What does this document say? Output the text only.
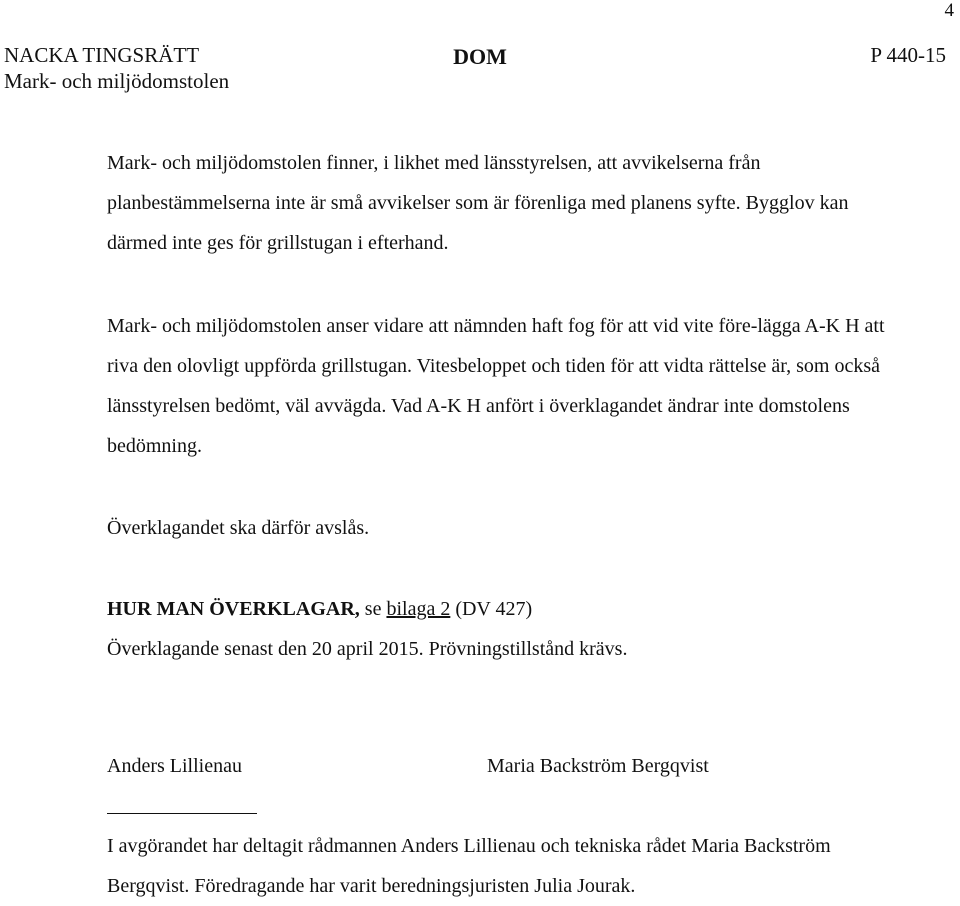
4
NACKA TINGSRÄTT
Mark- och miljödomstolen
DOM	P 440-15

Mark- och miljödomstolen finner, i likhet med länsstyrelsen, att avvikelserna från planbestämmelserna inte är små avvikelser som är förenliga med planens syfte. Bygglov kan därmed inte ges för grillstugan i efterhand.

Mark- och miljödomstolen anser vidare att nämnden haft fog för att vid vite före-lägga A-K H att riva den olovligt uppförda grillstugan. Vitesbeloppet och tiden för att vidta rättelse är, som också länsstyrelsen bedömt, väl avvägda. Vad A-K H anfört i överklagandet ändrar inte domstolens bedömning.

Överklagandet ska därför avslås.

HUR MAN ÖVERKLAGAR, se bilaga 2 (DV 427)

Överklagande senast den 20 april 2015. Prövningstillstånd krävs.

Anders Lillienau	Maria Backström Bergqvist

I avgörandet har deltagit rådmannen Anders Lillienau och tekniska rådet Maria Backström Bergqvist. Föredragande har varit beredningsjuristen Julia Jourak.
